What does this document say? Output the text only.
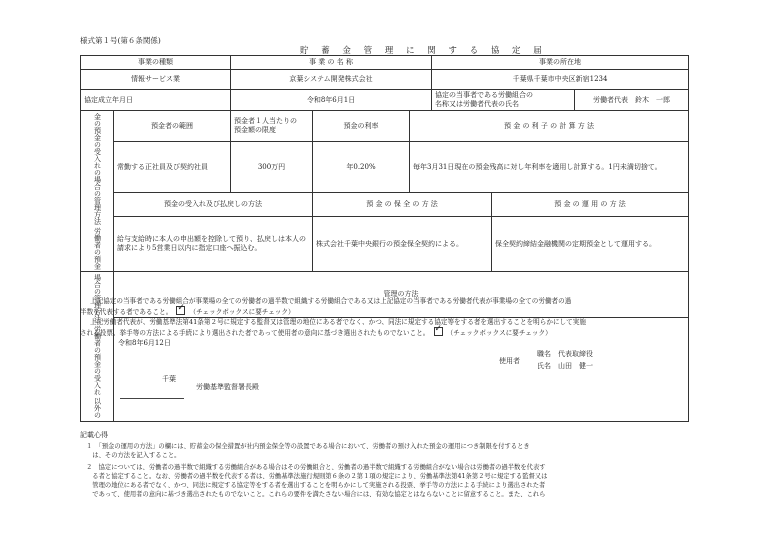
様式第１号(第６条関係)
貯 蓄 金 管 理 に 関 す る 協 定 届
事業の種類		事 業 の 名 称			事業の所在地		
情報サービス業		京葉システム開発株式会社			千葉県千葉市中央区新宿1234		
協定成立年月日		令和8年6月1日			協定の当事者である労働組合の
名称又は労働者代表の氏名		労働者代表　鈴木　一郎
金の預金の受入れの場合の管理方法 労働者の預金	預金者の範囲	預金者１人当たりの
預金額の限度	預金の利率	預 金 の 利 子 の 計 算 方 法			
	常勤する正社員及び契約社員	300万円	年0.20%	毎年3月31日現在の預金残高に対し年利率を適用し計算する。1円未満切捨て。			
	預金の受入れ及び払戻しの方法		預 金 の 保 全 の 方 法			預 金 の 運 用 の 方 法	
	給与支給時に本人の申出額を控除して預り、払戻しは本人の請求により5営業日以内に指定口座へ振込む。		株式会社千葉中央銀行の預金保全契約による。			保全契約締結金融機関の定期預金として運用する。	
場合の管理方法 労働者の預金の受入れ 以外の	管理の方法						

上記協定の当事者である労働組合が事業場の全ての労働者の過半数で組織する労働組合である又は上記協定の当事者である労働者代表が事業場の全ての労働者の過
半数を代表する者であること。 ✓ （チェックボックスに要チェック）
上記労働者代表が、労働基準法第41条第２号に規定する監督又は管理の地位にある者でなく、かつ、同法に規定する協定等をする者を選出することを明らかにして実施
される投票、挙手等の方法による手続により選出された者であって使用者の意向に基づき選出されたものでないこと。 ✓ （チェックボックスに要チェック）
令和8年6月12日
使用者
職名　代表取締役
氏名　山田　健一
千葉
労働基準監督署長殿
記載心得
１　「預金の運用の方法」の欄には、貯蓄金の保全措置が社内預金保全等の設置である場合において、労働者の預け入れた預金の運用につき制限を付するとき
　は、その方法を記入すること。
２　協定については、労働者の過半数で組織する労働組合がある場合はその労働組合と、労働者の過半数で組織する労働組合がない場合は労働者の過半数を代表す
　る者と協定すること。なお、労働者の過半数を代表する者は、労働基準法施行規則第６条の２第１項の規定により、労働基準法第41条第２号に規定する監督又は
　管理の地位にある者でなく、かつ、同法に規定する協定等をする者を選出することを明らかにして実施される投票、挙手等の方法による手続により選出された者
　であって、使用者の意向に基づき選出されたものでないこと。これらの要件を満たさない場合には、有効な協定とはならないことに留意すること。また、これら
